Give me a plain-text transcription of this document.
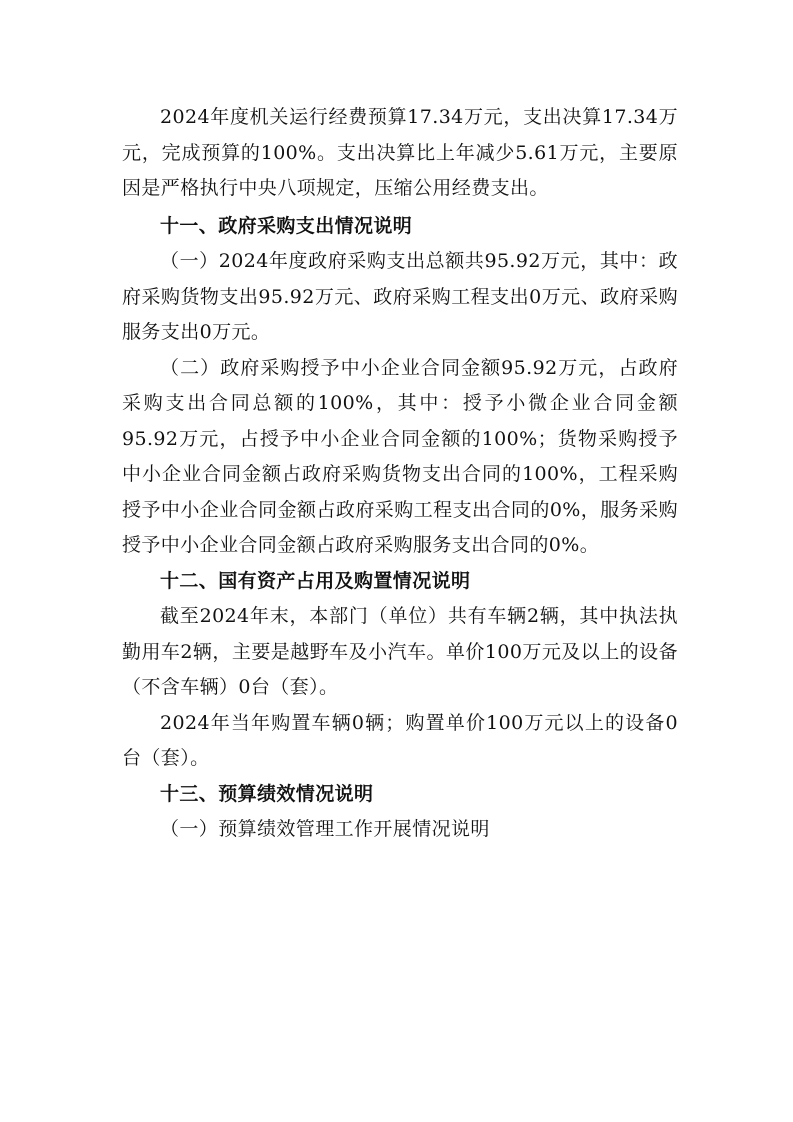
2024年度机关运行经费预算17.34万元，支出决算17.34万元，完成预算的100%。支出决算比上年减少5.61万元，主要原因是严格执行中央八项规定，压缩公用经费支出。

十一、政府采购支出情况说明

（一）2024年度政府采购支出总额共95.92万元，其中：政府采购货物支出95.92万元、政府采购工程支出0万元、政府采购服务支出0万元。

（二）政府采购授予中小企业合同金额95.92万元，占政府采购支出合同总额的100%，其中：授予小微企业合同金额95.92万元，占授予中小企业合同金额的100%；货物采购授予中小企业合同金额占政府采购货物支出合同的100%，工程采购授予中小企业合同金额占政府采购工程支出合同的0%，服务采购授予中小企业合同金额占政府采购服务支出合同的0%。

十二、国有资产占用及购置情况说明

截至2024年末，本部门（单位）共有车辆2辆，其中执法执勤用车2辆，主要是越野车及小汽车。单价100万元及以上的设备（不含车辆）0台（套）。

2024年当年购置车辆0辆；购置单价100万元以上的设备0台（套）。

十三、预算绩效情况说明

（一）预算绩效管理工作开展情况说明
